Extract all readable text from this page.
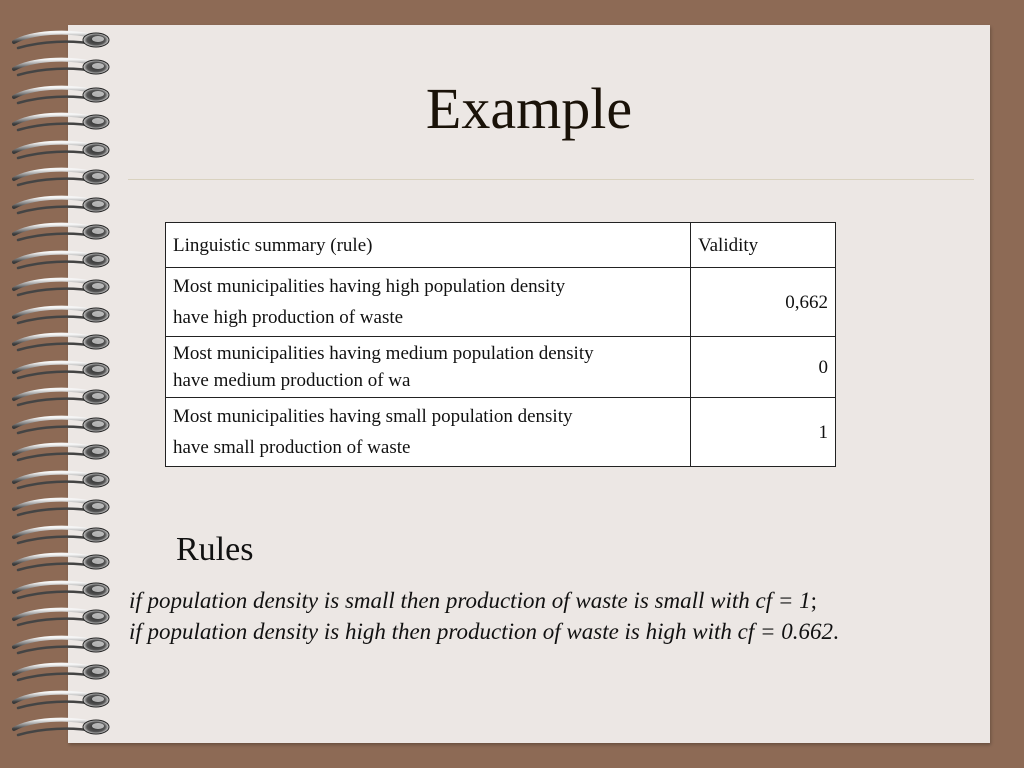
Example
Linguistic summary (rule)	Validity
Most municipalities having high population density
have high production of waste	0,662
Most municipalities having medium population density
have medium production of wa	0
Most municipalities having small population density
have small production of waste	1
Rules
if population density is small then production of waste is small with cf = 1;
if population density is high then production of waste is high with cf = 0.662.
